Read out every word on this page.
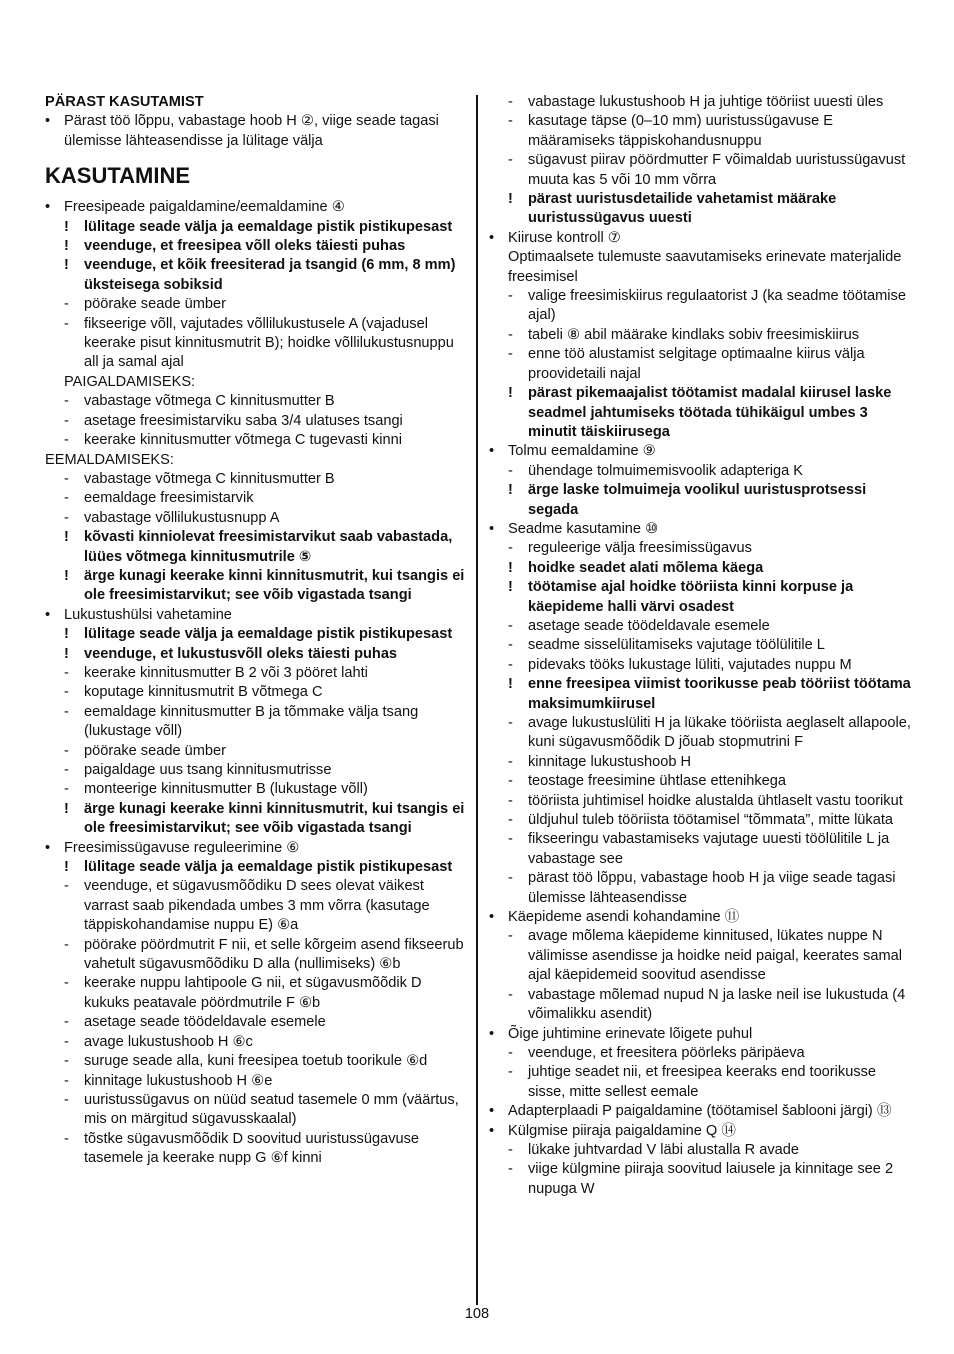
PÄRAST KASUTAMIST
• Pärast töö lõppu, vabastage hoob H ②, viige seade tagasi ülemisse lähteasendisse ja lülitage välja
KASUTAMINE
• Freesipeade paigaldamine/eemaldamine ④
! lülitage seade välja ja eemaldage pistik pistikupesast
! veenduge, et freesipea võll oleks täiesti puhas
! veenduge, et kõik freesiterad ja tsangid (6 mm, 8 mm) üksteisega sobiksid
- pöörake seade ümber
- fikseerige võll, vajutades võllilukustusele A (vajadusel keerake pisut kinnitusmutrit B); hoidke võllilukustusnuppu all ja samal ajal
PAIGALDAMISEKS:
- vabastage võtmega C kinnitusmutter B
- asetage freesimistarviku saba 3/4 ulatuses tsangi
- keerake kinnitusmutter võtmega C tugevasti kinni
EEMALDAMISEKS:
- vabastage võtmega C kinnitusmutter B
- eemaldage freesimistarvik
- vabastage võllilukustusnupp A
! kõvasti kinniolevat freesimistarvikut saab vabastada, lüües võtmega kinnitusmutrile ⑤
! ärge kunagi keerake kinni kinnitusmutrit, kui tsangis ei ole freesimistarvikut; see võib vigastada tsangi
• Lukustushülsi vahetamine
! lülitage seade välja ja eemaldage pistik pistikupesast
! veenduge, et lukustusvõll oleks täiesti puhas
- keerake kinnitusmutter B 2 või 3 pööret lahti
- koputage kinnitusmutrit B võtmega C
- eemaldage kinnitusmutter B ja tõmmake välja tsang (lukustage võll)
- pöörake seade ümber
- paigaldage uus tsang kinnitusmutrisse
- monteerige kinnitusmutter B (lukustage võll)
! ärge kunagi keerake kinni kinnitusmutrit, kui tsangis ei ole freesimistarvikut; see võib vigastada tsangi
• Freesimissügavuse reguleerimine ⑥
! lülitage seade välja ja eemaldage pistik pistikupesast
- veenduge, et sügavusmõõdiku D sees olevat väikest varrast saab pikendada umbes 3 mm võrra (kasutage täppiskohandamise nuppu E) ⑥a
- pöörake pöördmutrit F nii, et selle kõrgeim asend fikseerub vahetult sügavusmõõdiku D alla (nullimiseks) ⑥b
- keerake nuppu lahtipoole G nii, et sügavusmõõdik D kukuks peatavale pöördmutrile F ⑥b
- asetage seade töödeldavale esemele
- avage lukustushoob H ⑥c
- suruge seade alla, kuni freesipea toetub toorikule ⑥d
- kinnitage lukustushoob H ⑥e
- uuristussügavus on nüüd seatud tasemele 0 mm (väärtus, mis on märgitud sügavusskaalal)
- tõstke sügavusmõõdik D soovitud uuristussügavuse tasemele ja keerake nupp G ⑥f kinni
- vabastage lukustushoob H ja juhtige tööriist uuesti üles
- kasutage täpse (0–10 mm) uuristussügavuse E määramiseks täppiskohandusnuppu
- sügavust piirav pöördmutter F võimaldab uuristussügavust muuta kas 5 või 10 mm võrra
! pärast uuristusdetailide vahetamist määrake uuristussügavus uuesti
• Kiiruse kontroll ⑦
Optimaalsete tulemuste saavutamiseks erinevate materjalide freesimisel
- valige freesimiskiirus regulaatorist J (ka seadme töötamise ajal)
- tabeli ⑧ abil määrake kindlaks sobiv freesimiskiirus
- enne töö alustamist selgitage optimaalne kiirus välja proovidetaili najal
! pärast pikemaajalist töötamist madalal kiirusel laske seadmel jahtumiseks töötada tühikäigul umbes 3 minutit täiskiirusega
• Tolmu eemaldamine ⑨
- ühendage tolmuimemisvoolik adapteriga K
! ärge laske tolmuimeja voolikul uuristusprotsessi segada
• Seadme kasutamine ⑩
- reguleerige välja freesimissügavus
! hoidke seadet alati mõlema käega
! töötamise ajal hoidke tööriista kinni korpuse ja käepideme halli värvi osadest
- asetage seade töödeldavale esemele
- seadme sisselülitamiseks vajutage töölülitile L
- pidevaks tööks lukustage lüliti, vajutades nuppu M
! enne freesipea viimist toorikusse peab tööriist töötama maksimumkiirusel
- avage lukustuslüliti H ja lükake tööriista aeglaselt allapoole, kuni sügavusmõõdik D jõuab stopmutrini F
- kinnitage lukustushoob H
- teostage freesimine ühtlase ettenihkega
- tööriista juhtimisel hoidke alustalda ühtlaselt vastu toorikut
- üldjuhul tuleb tööriista töötamisel “tõmmata”, mitte lükata
- fikseeringu vabastamiseks vajutage uuesti töölülitile L ja vabastage see
- pärast töö lõppu, vabastage hoob H ja viige seade tagasi ülemisse lähteasendisse
• Käepideme asendi kohandamine ⑪
- avage mõlema käepideme kinnitused, lükates nuppe N välimisse asendisse ja hoidke neid paigal, keerates samal ajal käepidemeid soovitud asendisse
- vabastage mõlemad nupud N ja laske neil ise lukustuda (4 võimalikku asendit)
• Õige juhtimine erinevate lõigete puhul
- veenduge, et freesitera pöörleks päripäeva
- juhtige seadet nii, et freesipea keeraks end toorikusse sisse, mitte sellest eemale
• Adapterplaadi P paigaldamine (töötamisel šablooni järgi) ⑬
• Külgmise piiraja paigaldamine Q ⑭
- lükake juhtvardad V läbi alustalla R avade
- viige külgmine piiraja soovitud laiusele ja kinnitage see 2 nupuga W
108
